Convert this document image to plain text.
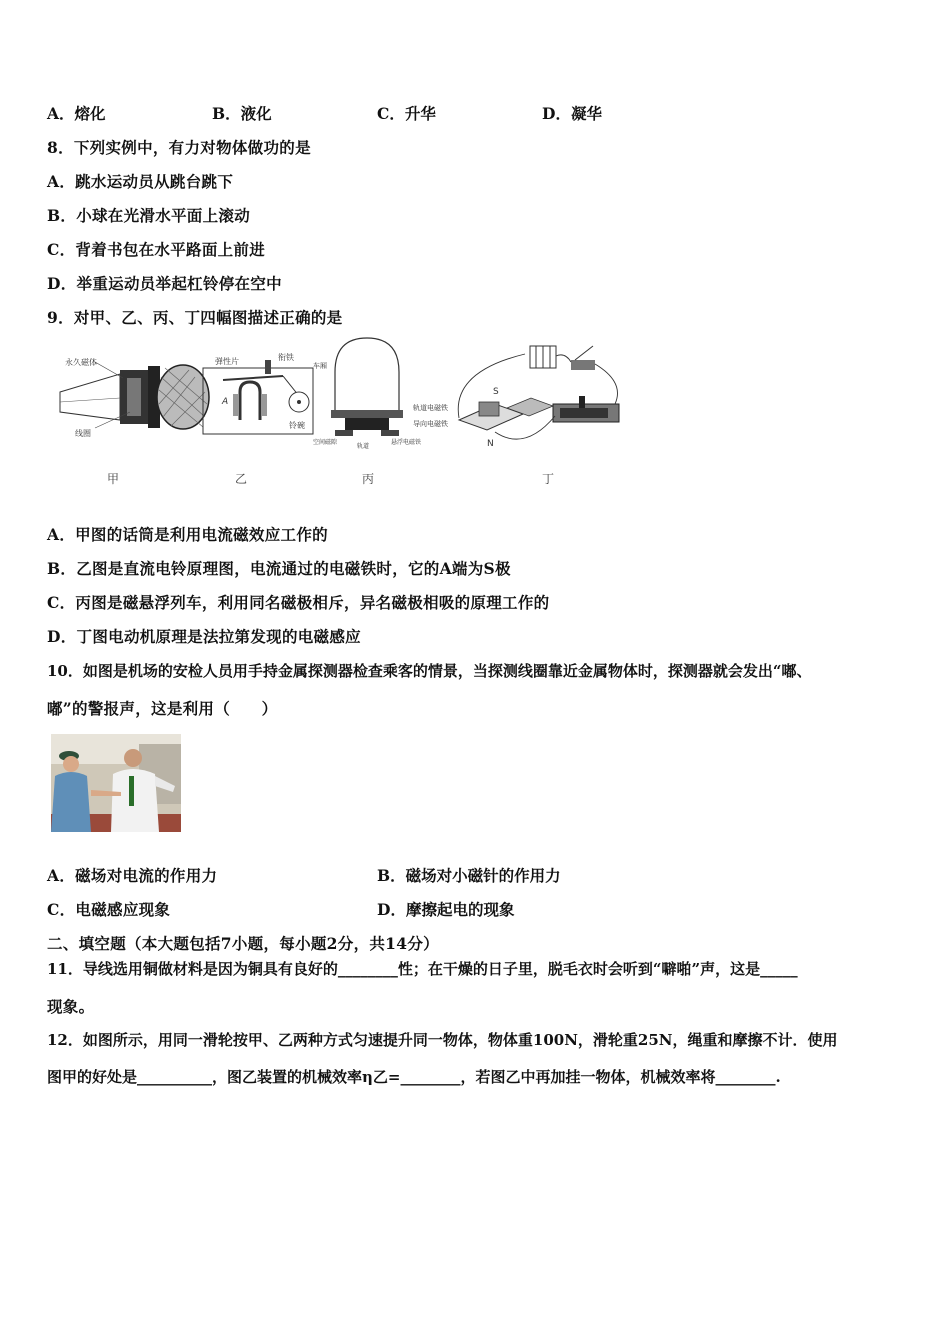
A．熔化	B．液化	C．升华	D．凝华
8．下列实例中，有力对物体做功的是
A．跳水运动员从跳台跳下
B．小球在光滑水平面上滚动
C．背着书包在水平路面上前进
D．举重运动员举起杠铃停在空中
9．对甲、乙、丙、丁四幅图描述正确的是
永久磁体
线圈
弹性片	衔铁
铃碗
A
车厢
轨道电磁铁
导向电磁铁
空间磁隙
轨道
悬浮电磁铁
S
N
甲	乙	丙	丁
A．甲图的话筒是利用电流磁效应工作的
B．乙图是直流电铃原理图，电流通过的电磁铁时，它的A端为S极
C．丙图是磁悬浮列车，利用同名磁极相斥，异名磁极相吸的原理工作的
D．丁图电动机原理是法拉第发现的电磁感应
10．如图是机场的安检人员用手持金属探测器检查乘客的情景，当探测线圈靠近金属物体时，探测器就会发出“嘟、
嘟”的警报声，这是利用（　　）
A．磁场对电流的作用力	B．磁场对小磁针的作用力
C．电磁感应现象	D．摩擦起电的现象
二、填空题（本大题包括7小题，每小题2分，共14分）
11．导线选用铜做材料是因为铜具有良好的________性；在干燥的日子里，脱毛衣时会听到“噼啪”声，这是_____
现象。
12．如图所示，用同一滑轮按甲、乙两种方式匀速提升同一物体，物体重100N，滑轮重25N，绳重和摩擦不计．使用
图甲的好处是__________，图乙装置的机械效率η乙=________，若图乙中再加挂一物体，机械效率将________.
